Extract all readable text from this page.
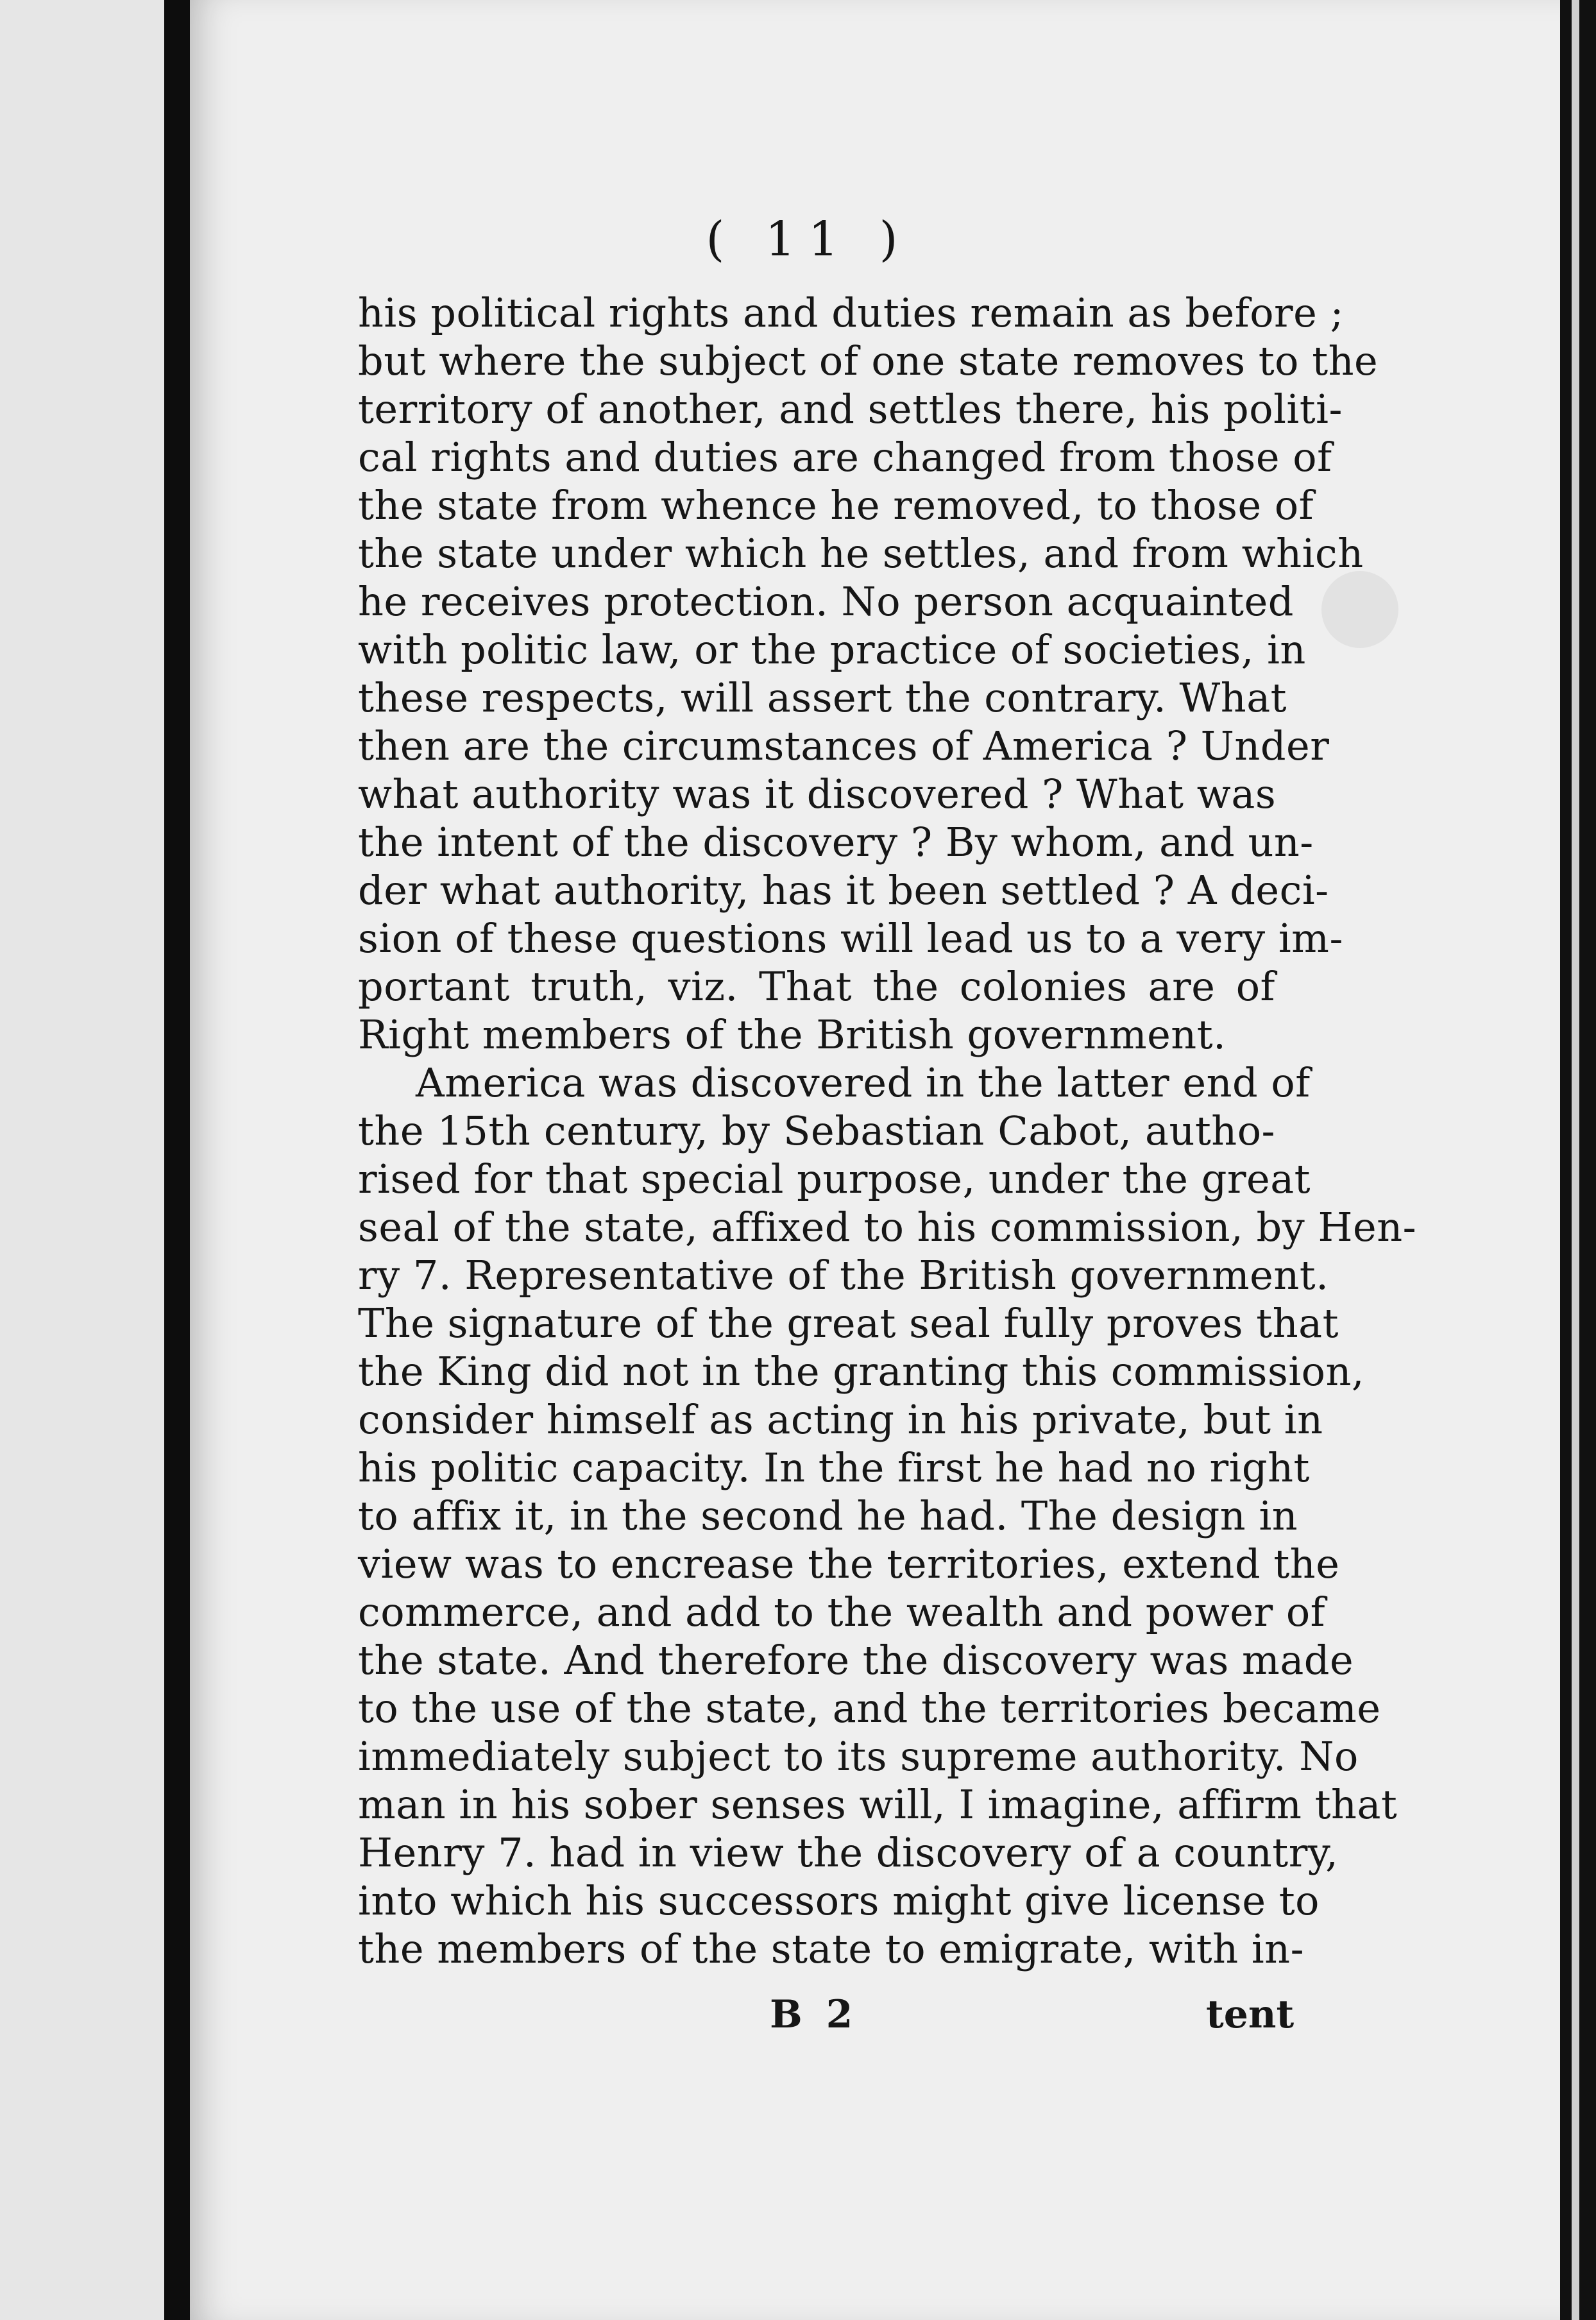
( 11 )
his political rights and duties remain as before ;
but where the subject of one state removes to the
territory of another, and settles there, his politi-
cal rights and duties are changed from those of
the state from whence he removed, to those of
the state under which he settles, and from which
he receives protection. No person acquainted
with politic law, or the practice of societies, in
these respects, will assert the contrary. What
then are the circumstances of America ? Under
what authority was it discovered ? What was
the intent of the discovery ? By whom, and un-
der what authority, has it been settled ? A deci-
sion of these questions will lead us to a very im-
portant truth, viz. That the colonies are of
Right members of the British government.
America was discovered in the latter end of
the 15th century, by Sebastian Cabot, autho-
rised for that special purpose, under the great
seal of the state, affixed to his commission, by Hen-
ry 7. Representative of the British government.
The signature of the great seal fully proves that
the King did not in the granting this commission,
consider himself as acting in his private, but in
his politic capacity. In the first he had no right
to affix it, in the second he had. The design in
view was to encrease the territories, extend the
commerce, and add to the wealth and power of
the state. And therefore the discovery was made
to the use of the state, and the territories became
immediately subject to its supreme authority. No
man in his sober senses will, I imagine, affirm that
Henry 7. had in view the discovery of a country,
into which his successors might give license to
the members of the state to emigrate, with in-
B 2	tent
